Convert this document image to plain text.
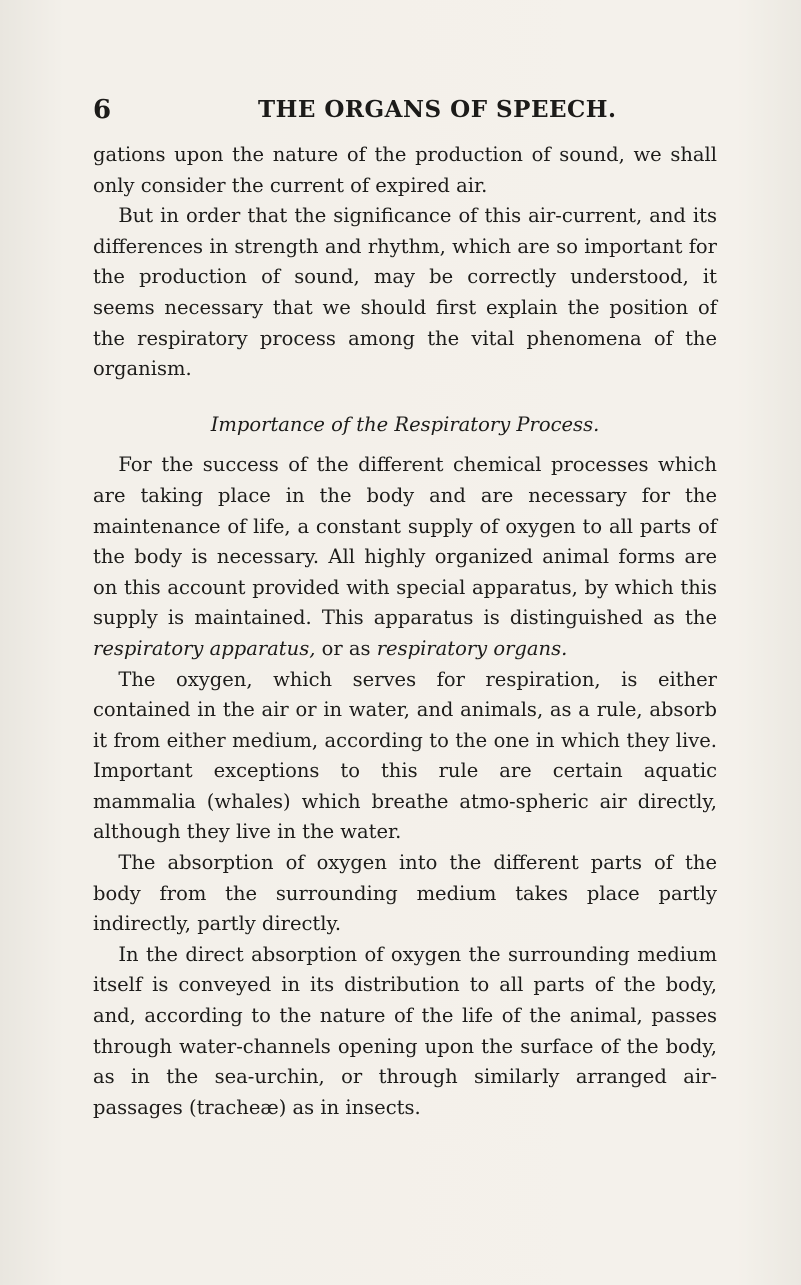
6	THE ORGANS OF SPEECH.

gations upon the nature of the production of sound, we shall only consider the current of expired air.

But in order that the significance of this air-current, and its differences in strength and rhythm, which are so important for the production of sound, may be correctly understood, it seems necessary that we should first explain the position of the respiratory process among the vital phenomena of the organism.

Importance of the Respiratory Process.

For the success of the different chemical processes which are taking place in the body and are necessary for the maintenance of life, a constant supply of oxygen to all parts of the body is necessary. All highly organized animal forms are on this account provided with special apparatus, by which this supply is maintained. This apparatus is distinguished as the respiratory apparatus, or as respiratory organs.

The oxygen, which serves for respiration, is either contained in the air or in water, and animals, as a rule, absorb it from either medium, according to the one in which they live. Important exceptions to this rule are certain aquatic mammalia (whales) which breathe atmo-spheric air directly, although they live in the water.

The absorption of oxygen into the different parts of the body from the surrounding medium takes place partly indirectly, partly directly.

In the direct absorption of oxygen the surrounding medium itself is conveyed in its distribution to all parts of the body, and, according to the nature of the life of the animal, passes through water-channels opening upon the surface of the body, as in the sea-urchin, or through similarly arranged air-passages (tracheæ) as in insects.
